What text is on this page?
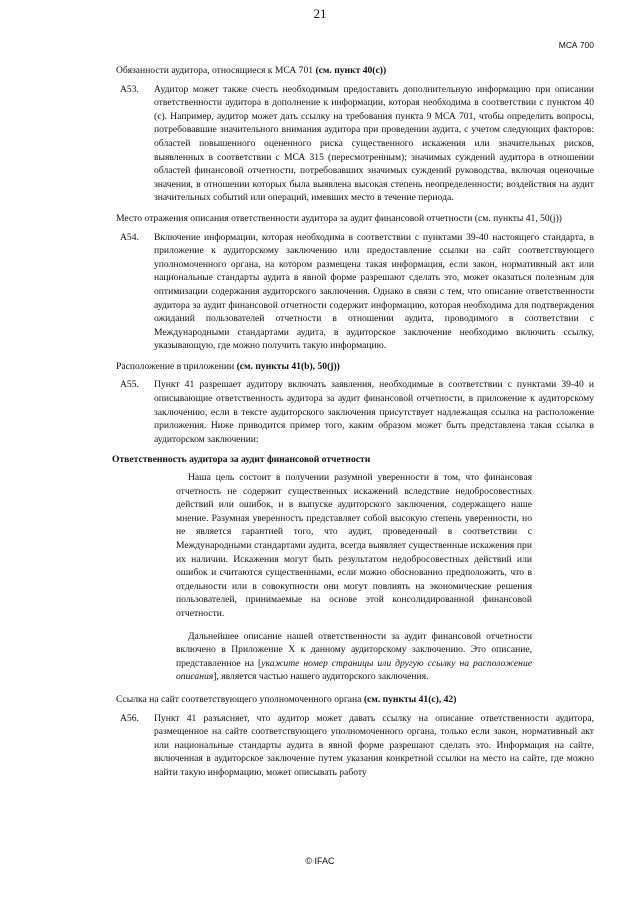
21
МСА 700
Обязанности аудитора, относящиеся к МСА 701 (см. пункт 40(с))
A53.	Аудитор может также счесть необходимым предоставить дополнительную информацию при описании ответственности аудитора в дополнение к информации, которая необходима в соответствии с пунктом 40 (с). Например, аудитор может дать ссылку на требования пункта 9 МСА 701, чтобы определить вопросы, потребовавшие значительного внимания аудитора при проведении аудита, с учетом следующих факторов: областей повышенного оцененного риска существенного искажения или значительных рисков, выявленных в соответствии с МСА 315 (пересмотренным); значимых суждений аудитора в отношении областей финансовой отчетности, потребовавших значимых суждений руководства, включая оценочные значения, в отношении которых была выявлена высокая степень неопределенности; воздействия на аудит значительных событий или операций, имевших место в течение периода.
Место отражения описания ответственности аудитора за аудит финансовой отчетности (см. пункты 41, 50(j))
A54.	Включение информации, которая необходима в соответствии с пунктами 39-40 настоящего стандарта, в приложение к аудиторскому заключению или предоставление ссылки на сайт соответствующего уполномоченного органа, на котором размещена такая информация, если закон, нормативный акт или национальные стандарты аудита в явной форме разрешают сделать это, может оказаться полезным для оптимизации содержания аудиторского заключения. Однако в связи с тем, что описание ответственности аудитора за аудит финансовой отчетности содержит информацию, которая необходима для подтверждения ожиданий пользователей отчетности в отношении аудита, проводимого в соответствии с Международными стандартами аудита, в аудиторское заключение необходимо включить ссылку, указывающую, где можно получить такую информацию.
Расположение в приложении (см. пункты 41(b), 50(j))
A55.	Пункт 41 разрешает аудитору включать заявления, необходимые в соответствии с пунктами 39-40 и описывающие ответственность аудитора за аудит финансовой отчетности, в приложение к аудиторскому заключению, если в тексте аудиторского заключения присутствует надлежащая ссылка на расположение приложения. Ниже приводится пример того, каким образом может быть представлена такая ссылка в аудиторском заключении:
Ответственность аудитора за аудит финансовой отчетности

Наша цель состоит в получении разумной уверенности в том, что финансовая отчетность не содержит существенных искажений вследствие недобросовестных действий или ошибок, и в выпуске аудиторского заключения, содержащего наше мнение. Разумная уверенность представляет собой высокую степень уверенности, но не является гарантией того, что аудит, проведенный в соответствии с Международными стандартами аудита, всегда выявляет существенные искажения при их наличии. Искажения могут быть результатом недобросовестных действий или ошибок и считаются существенными, если можно обоснованно предположить, что в отдельности или в совокупности они могут повлиять на экономические решения пользователей, принимаемые на основе этой консолидированной финансовой отчетности.

Дальнейшее описание нашей ответственности за аудит финансовой отчетности включено в Приложение X к данному аудиторскому заключению. Это описание, представленное на [укажите номер страницы или другую ссылку на расположение описания], является частью нашего аудиторского заключения.

Ссылка на сайт соответствующего уполномоченного органа (см. пункты 41(с), 42)
A56.	Пункт 41 разъясняет, что аудитор может давать ссылку на описание ответственности аудитора, размещенное на сайте соответствующего уполномоченного органа, только если закон, нормативный акт или национальные стандарты аудита в явной форме разрешают сделать это. Информация на сайте, включенная в аудиторское заключение путем указания конкретной ссылки на место на сайте, где можно найти такую информацию, может описывать работу
© IFAC
